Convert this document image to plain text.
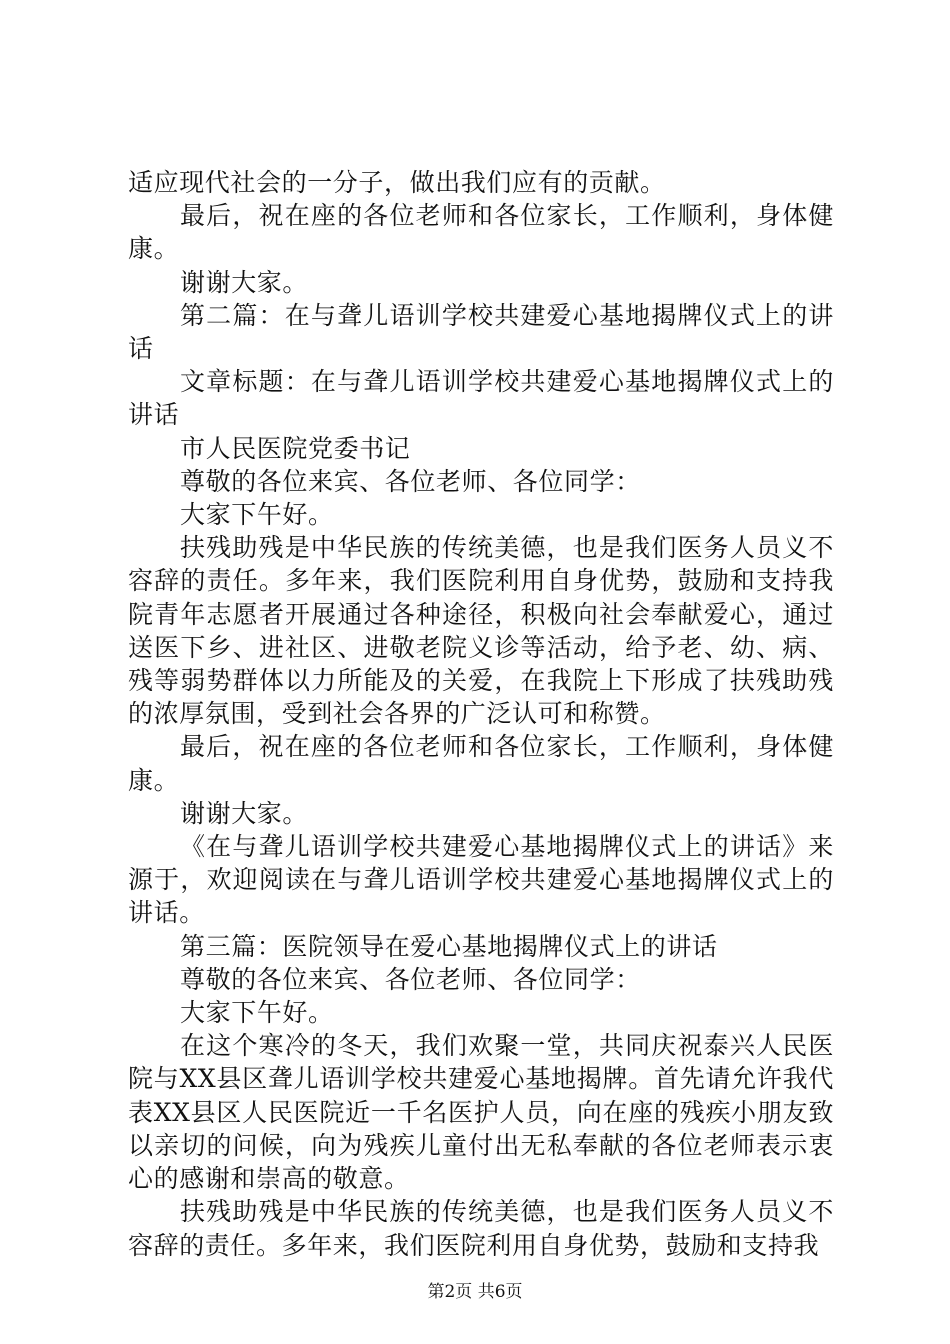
适应现代社会的一分子，做出我们应有的贡献。

最后，祝在座的各位老师和各位家长，工作顺利，身体健康。

谢谢大家。

第二篇：在与聋儿语训学校共建爱心基地揭牌仪式上的讲话

文章标题：在与聋儿语训学校共建爱心基地揭牌仪式上的讲话

市人民医院党委书记

尊敬的各位来宾、各位老师、各位同学：

大家下午好。

扶残助残是中华民族的传统美德，也是我们医务人员义不容辞的责任。多年来，我们医院利用自身优势，鼓励和支持我院青年志愿者开展通过各种途径，积极向社会奉献爱心，通过送医下乡、进社区、进敬老院义诊等活动，给予老、幼、病、残等弱势群体以力所能及的关爱，在我院上下形成了扶残助残的浓厚氛围，受到社会各界的广泛认可和称赞。

最后，祝在座的各位老师和各位家长，工作顺利，身体健康。

谢谢大家。

《在与聋儿语训学校共建爱心基地揭牌仪式上的讲话》来源于，欢迎阅读在与聋儿语训学校共建爱心基地揭牌仪式上的讲话。

第三篇：医院领导在爱心基地揭牌仪式上的讲话

尊敬的各位来宾、各位老师、各位同学：

大家下午好。

在这个寒冷的冬天，我们欢聚一堂，共同庆祝泰兴人民医院与XX县区聋儿语训学校共建爱心基地揭牌。首先请允许我代表XX县区人民医院近一千名医护人员，向在座的残疾小朋友致以亲切的问候，向为残疾儿童付出无私奉献的各位老师表示衷心的感谢和崇高的敬意。

扶残助残是中华民族的传统美德，也是我们医务人员义不容辞的责任。多年来，我们医院利用自身优势，鼓励和支持我

第2页 共6页
